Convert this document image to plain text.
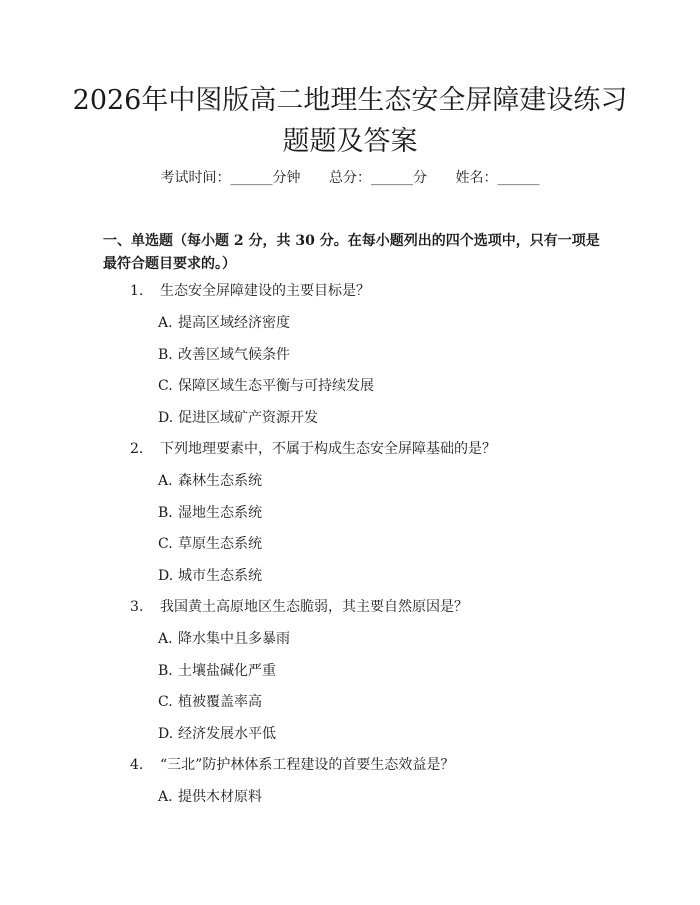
2026年中图版高二地理生态安全屏障建设练习题题及答案
考试时间：______分钟 总分：______分 姓名：______

一、单选题（每小题 2 分，共 30 分。在每小题列出的四个选项中，只有一项是最符合题目要求的。）

1. 生态安全屏障建设的主要目标是？
A. 提高区域经济密度
B. 改善区域气候条件
C. 保障区域生态平衡与可持续发展
D. 促进区域矿产资源开发
2. 下列地理要素中，不属于构成生态安全屏障基础的是？
A. 森林生态系统
B. 湿地生态系统
C. 草原生态系统
D. 城市生态系统
3. 我国黄土高原地区生态脆弱，其主要自然原因是？
A. 降水集中且多暴雨
B. 土壤盐碱化严重
C. 植被覆盖率高
D. 经济发展水平低
4. “三北”防护林体系工程建设的首要生态效益是？
A. 提供木材原料
